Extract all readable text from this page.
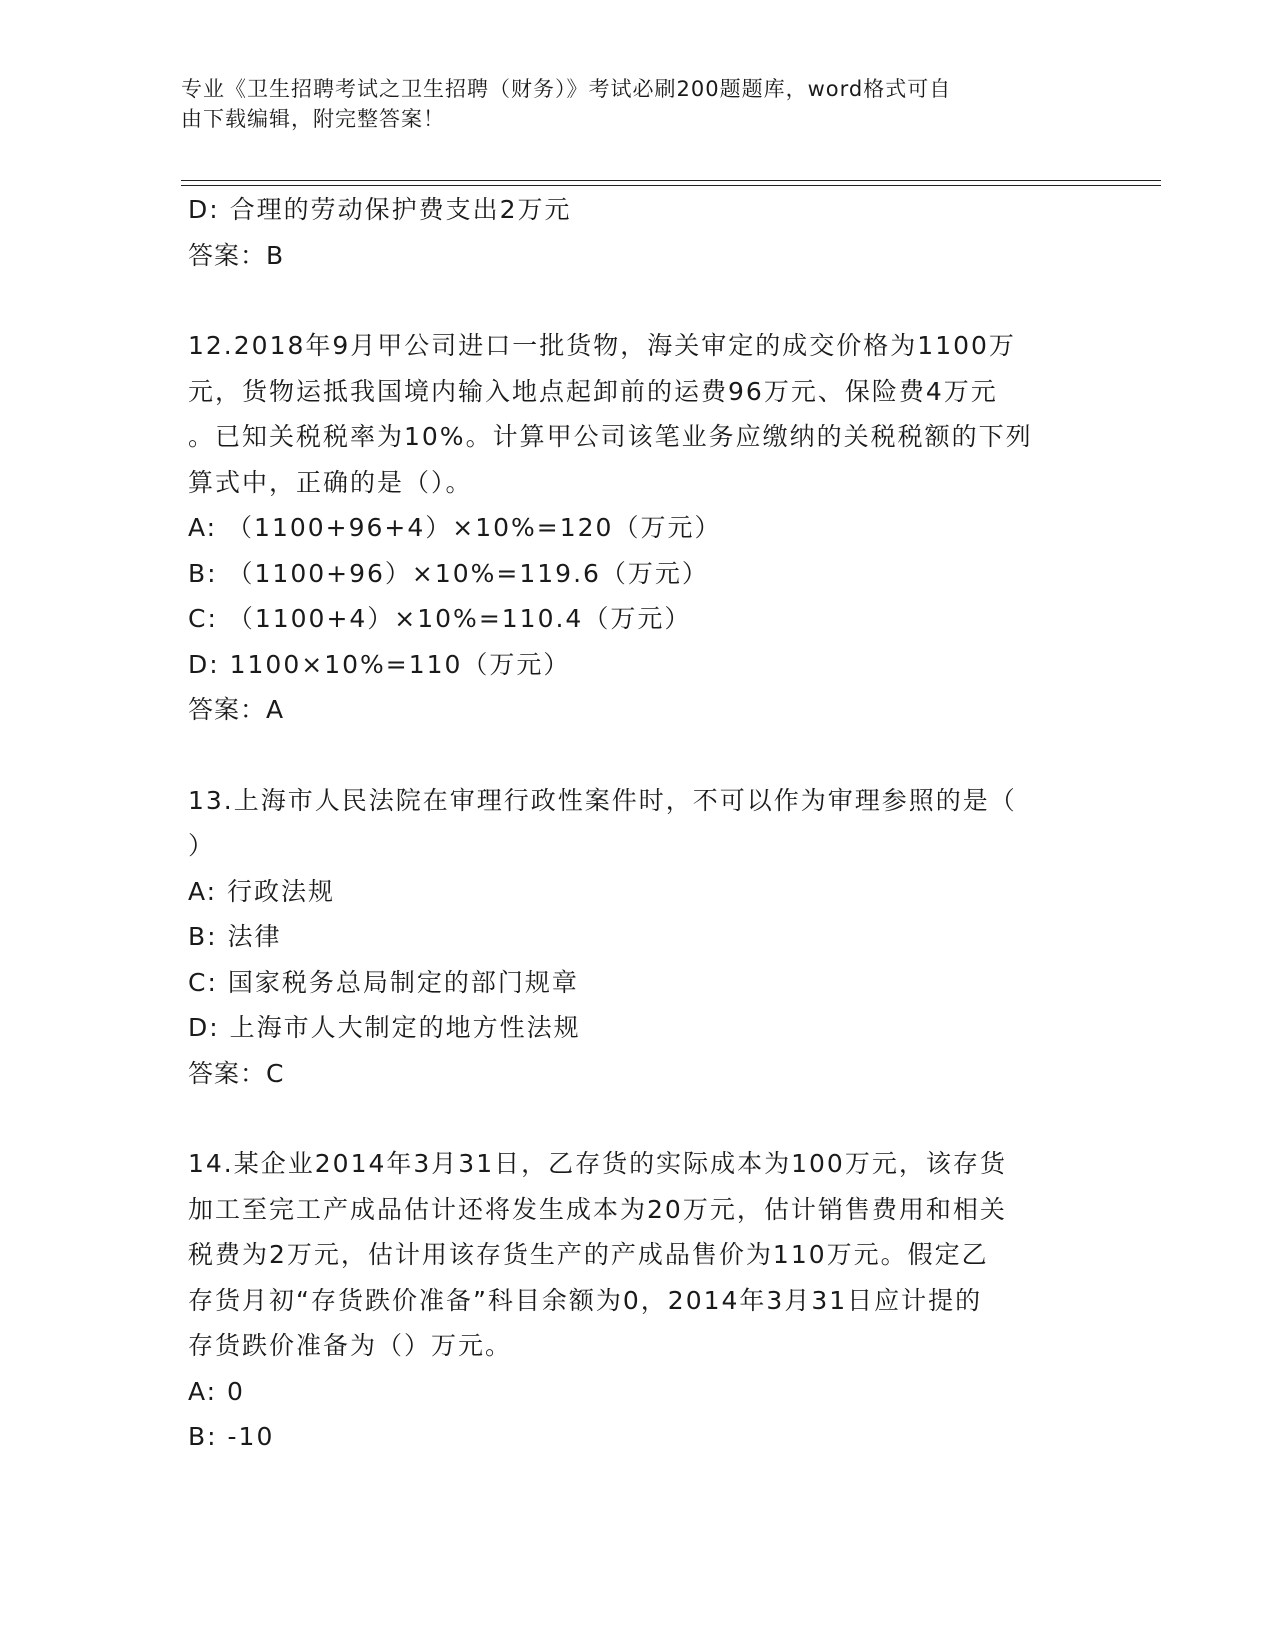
专业《卫生招聘考试之卫生招聘（财务）》考试必刷200题题库，word格式可自
由下载编辑，附完整答案！
D: 合理的劳动保护费支出2万元
答案：B
12.2018年9月甲公司进口一批货物，海关审定的成交价格为1100万
元，货物运抵我国境内输入地点起卸前的运费96万元、保险费4万元
。已知关税税率为10%。计算甲公司该笔业务应缴纳的关税税额的下列
算式中，正确的是（）。
A: （1100+96+4）×10%=120（万元）
B: （1100+96）×10%=119.6（万元）
C: （1100+4）×10%=110.4（万元）
D: 1100×10%=110（万元）
答案：A
13.上海市人民法院在审理行政性案件时，不可以作为审理参照的是（
）
A: 行政法规
B: 法律
C: 国家税务总局制定的部门规章
D: 上海市人大制定的地方性法规
答案：C
14.某企业2014年3月31日，乙存货的实际成本为100万元，该存货
加工至完工产成品估计还将发生成本为20万元，估计销售费用和相关
税费为2万元，估计用该存货生产的产成品售价为110万元。假定乙
存货月初“存货跌价准备”科目余额为0，2014年3月31日应计提的
存货跌价准备为（）万元。
A: 0
B: -10
